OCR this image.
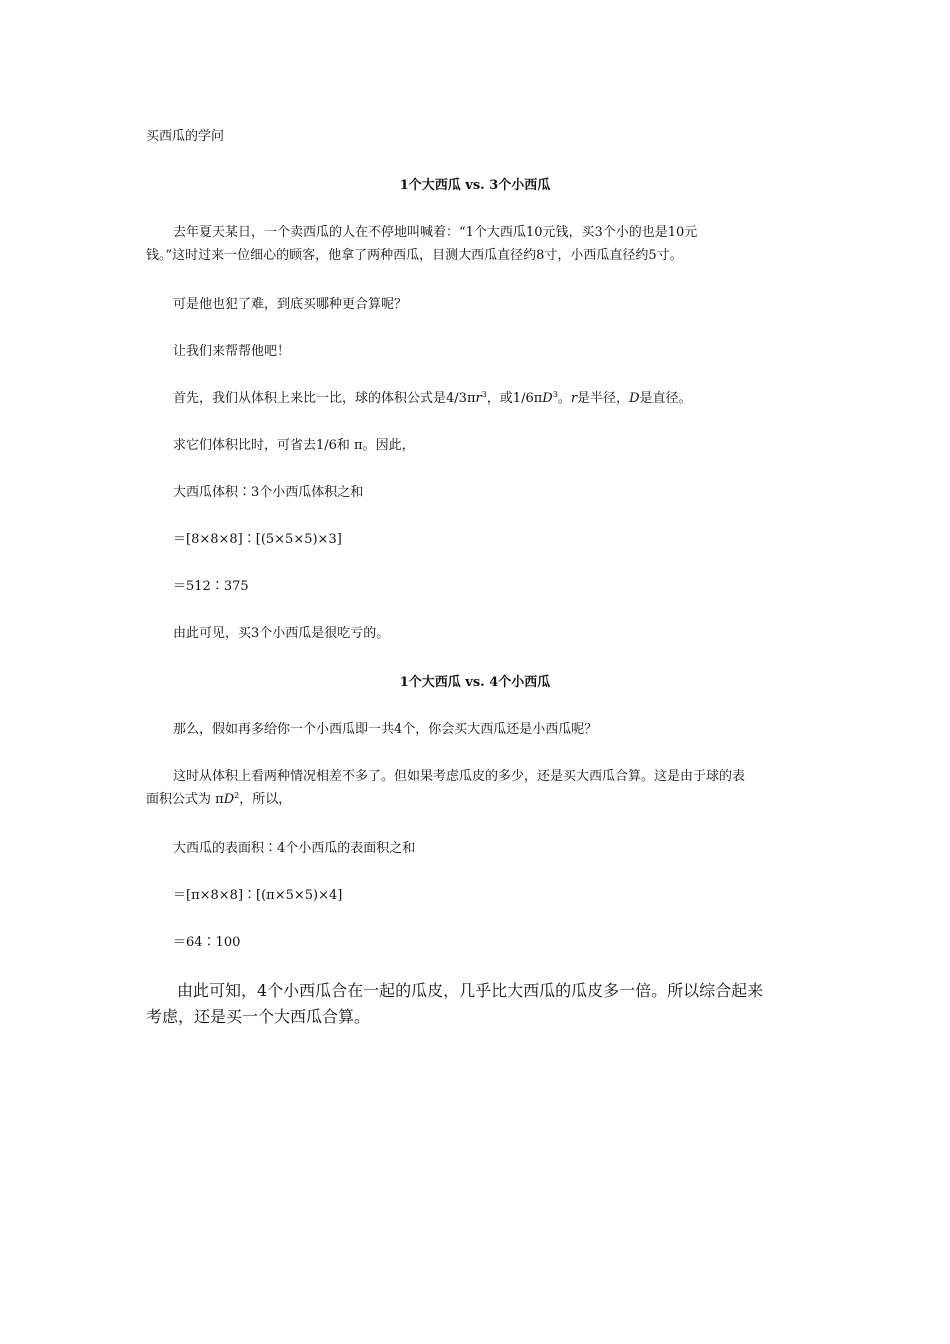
买西瓜的学问

1个大西瓜 vs. 3个小西瓜

去年夏天某日，一个卖西瓜的人在不停地叫喊着：“1个大西瓜10元钱，买3个小的也是10元

钱。”这时过来一位细心的顾客，他拿了两种西瓜，目测大西瓜直径约8寸，小西瓜直径约5寸。

可是他也犯了难，到底买哪种更合算呢？

让我们来帮帮他吧！

首先，我们从体积上来比一比，球的体积公式是$4/3\pi r^3$，或$1/6\pi D^3$。r是半径，D是直径。

求它们体积比时，可省去1/6和 π。因此，

大西瓜体积∶3个小西瓜体积之和

＝[8×8×8]∶[(5×5×5)×3]

＝512∶375

由此可见，买3个小西瓜是很吃亏的。

1个大西瓜 vs. 4个小西瓜

那么，假如再多给你一个小西瓜即一共4个，你会买大西瓜还是小西瓜呢？

这时从体积上看两种情况相差不多了。但如果考虑瓜皮的多少，还是买大西瓜合算。这是由于球的表

面积公式为 $\pi D^2$，所以，

大西瓜的表面积∶4个小西瓜的表面积之和

＝[π×8×8]∶[(π×5×5)×4]

＝64∶100

由此可知，4个小西瓜合在一起的瓜皮，几乎比大西瓜的瓜皮多一倍。所以综合起来

考虑，还是买一个大西瓜合算。
